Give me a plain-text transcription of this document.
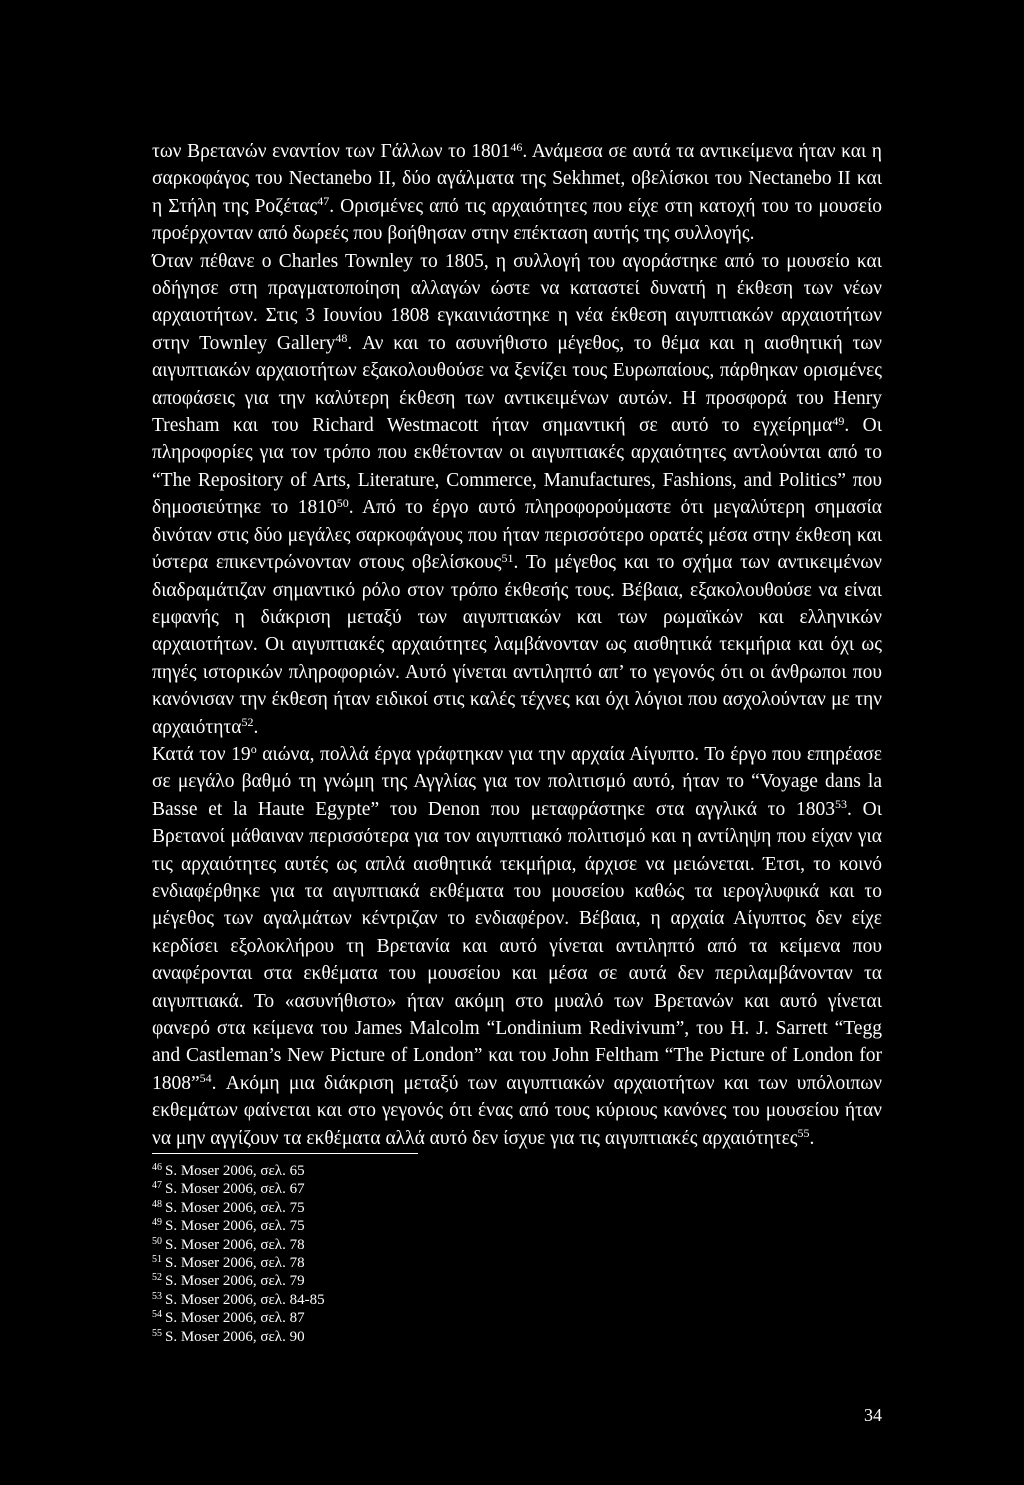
των Βρετανών εναντίον των Γάλλων το 1801$^{46}$. Ανάμεσα σε αυτά τα αντικείμενα ήταν και η σαρκοφάγος του Nectanebo II, δύο αγάλματα της Sekhmet, οβελίσκοι του Nectanebo II και η Στήλη της Ροζέτας$^{47}$. Ορισμένες από τις αρχαιότητες που είχε στη κατοχή του το μουσείο προέρχονταν από δωρεές που βοήθησαν στην επέκταση αυτής της συλλογής.

Όταν πέθανε ο Charles Townley το 1805, η συλλογή του αγοράστηκε από το μουσείο και οδήγησε στη πραγματοποίηση αλλαγών ώστε να καταστεί δυνατή η έκθεση των νέων αρχαιοτήτων. Στις 3 Ιουνίου 1808 εγκαινιάστηκε η νέα έκθεση αιγυπτιακών αρχαιοτήτων στην Townley Gallery$^{48}$. Αν και το ασυνήθιστο μέγεθος, το θέμα και η αισθητική των αιγυπτιακών αρχαιοτήτων εξακολουθούσε να ξενίζει τους Ευρωπαίους, πάρθηκαν ορισμένες αποφάσεις για την καλύτερη έκθεση των αντικειμένων αυτών. Η προσφορά του Henry Tresham και του Richard Westmacott ήταν σημαντική σε αυτό το εγχείρημα$^{49}$. Οι πληροφορίες για τον τρόπο που εκθέτονταν οι αιγυπτιακές αρχαιότητες αντλούνται από το “The Repository of Arts, Literature, Commerce, Manufactures, Fashions, and Politics” που δημοσιεύτηκε το 1810$^{50}$. Από το έργο αυτό πληροφορούμαστε ότι μεγαλύτερη σημασία δινόταν στις δύο μεγάλες σαρκοφάγους που ήταν περισσότερο ορατές μέσα στην έκθεση και ύστερα επικεντρώνονταν στους οβελίσκους$^{51}$. Το μέγεθος και το σχήμα των αντικειμένων διαδραμάτιζαν σημαντικό ρόλο στον τρόπο έκθεσής τους. Βέβαια, εξακολουθούσε να είναι εμφανής η διάκριση μεταξύ των αιγυπτιακών και των ρωμαϊκών και ελληνικών αρχαιοτήτων. Οι αιγυπτιακές αρχαιότητες λαμβάνονταν ως αισθητικά τεκμήρια και όχι ως πηγές ιστορικών πληροφοριών. Αυτό γίνεται αντιληπτό απ’ το γεγονός ότι οι άνθρωποι που κανόνισαν την έκθεση ήταν ειδικοί στις καλές τέχνες και όχι λόγιοι που ασχολούνταν με την αρχαιότητα$^{52}$.

Κατά τον $19^o$ αιώνα, πολλά έργα γράφτηκαν για την αρχαία Αίγυπτο. Το έργο που επηρέασε σε μεγάλο βαθμό τη γνώμη της Αγγλίας για τον πολιτισμό αυτό, ήταν το “Voyage dans la Basse et la Haute Egypte” του Denon που μεταφράστηκε στα αγγλικά το 1803$^{53}$. Οι Βρετανοί μάθαιναν περισσότερα για τον αιγυπτιακό πολιτισμό και η αντίληψη που είχαν για τις αρχαιότητες αυτές ως απλά αισθητικά τεκμήρια, άρχισε να μειώνεται. Έτσι, το κοινό ενδιαφέρθηκε για τα αιγυπτιακά εκθέματα του μουσείου καθώς τα ιερογλυφικά και το μέγεθος των αγαλμάτων κέντριζαν το ενδιαφέρον. Βέβαια, η αρχαία Αίγυπτος δεν είχε κερδίσει εξολοκλήρου τη Βρετανία και αυτό γίνεται αντιληπτό από τα κείμενα που αναφέρονται στα εκθέματα του μουσείου και μέσα σε αυτά δεν περιλαμβάνονταν τα αιγυπτιακά. Το «ασυνήθιστο» ήταν ακόμη στο μυαλό των Βρετανών και αυτό γίνεται φανερό στα κείμενα του James Malcolm “Londinium Redivivum”, του H. J. Sarrett “Tegg and Castleman’s New Picture of London” και του John Feltham “The Picture of London for 1808”$^{54}$. Ακόμη μια διάκριση μεταξύ των αιγυπτιακών αρχαιοτήτων και των υπόλοιπων εκθεμάτων φαίνεται και στο γεγονός ότι ένας από τους κύριους κανόνες του μουσείου ήταν να μην αγγίζουν τα εκθέματα αλλά αυτό δεν ίσχυε για τις αιγυπτιακές αρχαιότητες$^{55}$.

$^{46}$ S. Moser 2006, σελ. 65
$^{47}$ S. Moser 2006, σελ. 67
$^{48}$ S. Moser 2006, σελ. 75
$^{49}$ S. Moser 2006, σελ. 75
$^{50}$ S. Moser 2006, σελ. 78
$^{51}$ S. Moser 2006, σελ. 78
$^{52}$ S. Moser 2006, σελ. 79
$^{53}$ S. Moser 2006, σελ. 84-85
$^{54}$ S. Moser 2006, σελ. 87
$^{55}$ S. Moser 2006, σελ. 90
34
